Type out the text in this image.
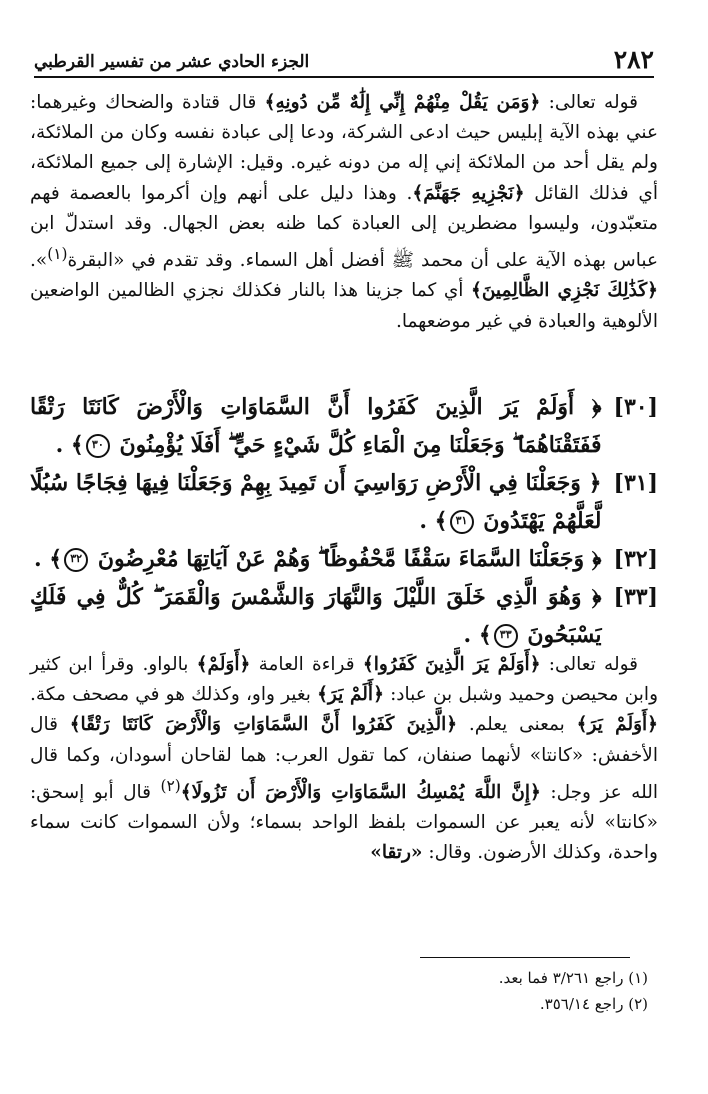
٢٨٢
الجزء الحادي عشر من تفسير القرطبي

قوله تعالى: ﴿وَمَن يَقُلْ مِنْهُمْ إِنِّي إِلَٰهٌ مِّن دُونِهِ﴾ قال قتادة والضحاك وغيرهما: عني بهذه الآية إبليس حيث ادعى الشركة، ودعا إلى عبادة نفسه وكان من الملائكة، ولم يقل أحد من الملائكة إني إله من دونه غيره. وقيل: الإشارة إلى جميع الملائكة، أي فذلك القائل ﴿نَجْزِيهِ جَهَنَّمَ﴾. وهذا دليل على أنهم وإن أكرموا بالعصمة فهم متعبّدون، وليسوا مضطرين إلى العبادة كما ظنه بعض الجهال. وقد استدلّ ابن عباس بهذه الآية على أن محمد ﷺ أفضل أهل السماء. وقد تقدم في «البقرة$^{(١)}$». ﴿كَذَٰلِكَ نَجْزِي الظَّالِمِينَ﴾ أي كما جزينا هذا بالنار فكذلك نجزي الظالمين الواضعين الألوهية والعبادة في غير موضعهما.

[٣٠]
﴿ أَوَلَمْ يَرَ الَّذِينَ كَفَرُوا أَنَّ السَّمَاوَاتِ وَالْأَرْضَ كَانَتَا رَتْقًا فَفَتَقْنَاهُمَا ۖ وَجَعَلْنَا مِنَ الْمَاءِ كُلَّ شَيْءٍ حَيٍّ ۖ أَفَلَا يُؤْمِنُونَ ٣٠﴾ .
[٣١]
﴿ وَجَعَلْنَا فِي الْأَرْضِ رَوَاسِيَ أَن تَمِيدَ بِهِمْ وَجَعَلْنَا فِيهَا فِجَاجًا سُبُلًا لَّعَلَّهُمْ يَهْتَدُونَ ٣١﴾ .
[٣٢]
﴿ وَجَعَلْنَا السَّمَاءَ سَقْفًا مَّحْفُوظًا ۖ وَهُمْ عَنْ آيَاتِهَا مُعْرِضُونَ ٣٢﴾ .
[٣٣]
﴿ وَهُوَ الَّذِي خَلَقَ اللَّيْلَ وَالنَّهَارَ وَالشَّمْسَ وَالْقَمَرَ ۖ كُلٌّ فِي فَلَكٍ يَسْبَحُونَ ٣٣﴾ .

قوله تعالى: ﴿أَوَلَمْ يَرَ الَّذِينَ كَفَرُوا﴾ قراءة العامة ﴿أَوَلَمْ﴾ بالواو. وقرأ ابن كثير وابن محيصن وحميد وشبل بن عباد: ﴿أَلَمْ يَرَ﴾ بغير واو، وكذلك هو في مصحف مكة. ﴿أَوَلَمْ يَرَ﴾ بمعنى يعلم. ﴿الَّذِينَ كَفَرُوا أَنَّ السَّمَاوَاتِ وَالْأَرْضَ كَانَتَا رَتْقًا﴾ قال الأخفش: «كانتا» لأنهما صنفان، كما تقول العرب: هما لقاحان أسودان، وكما قال الله عز وجل: ﴿إِنَّ اللَّهَ يُمْسِكُ السَّمَاوَاتِ وَالْأَرْضَ أَن تَزُولَا﴾$^{(٢)}$ قال أبو إسحق: «كانتا» لأنه يعبر عن السموات بلفظ الواحد بسماء؛ ولأن السموات كانت سماء واحدة، وكذلك الأرضون. وقال: «رتقا»

(١) راجع ٣/٢٦١ فما بعد.

(٢) راجع ٣٥٦/١٤.
